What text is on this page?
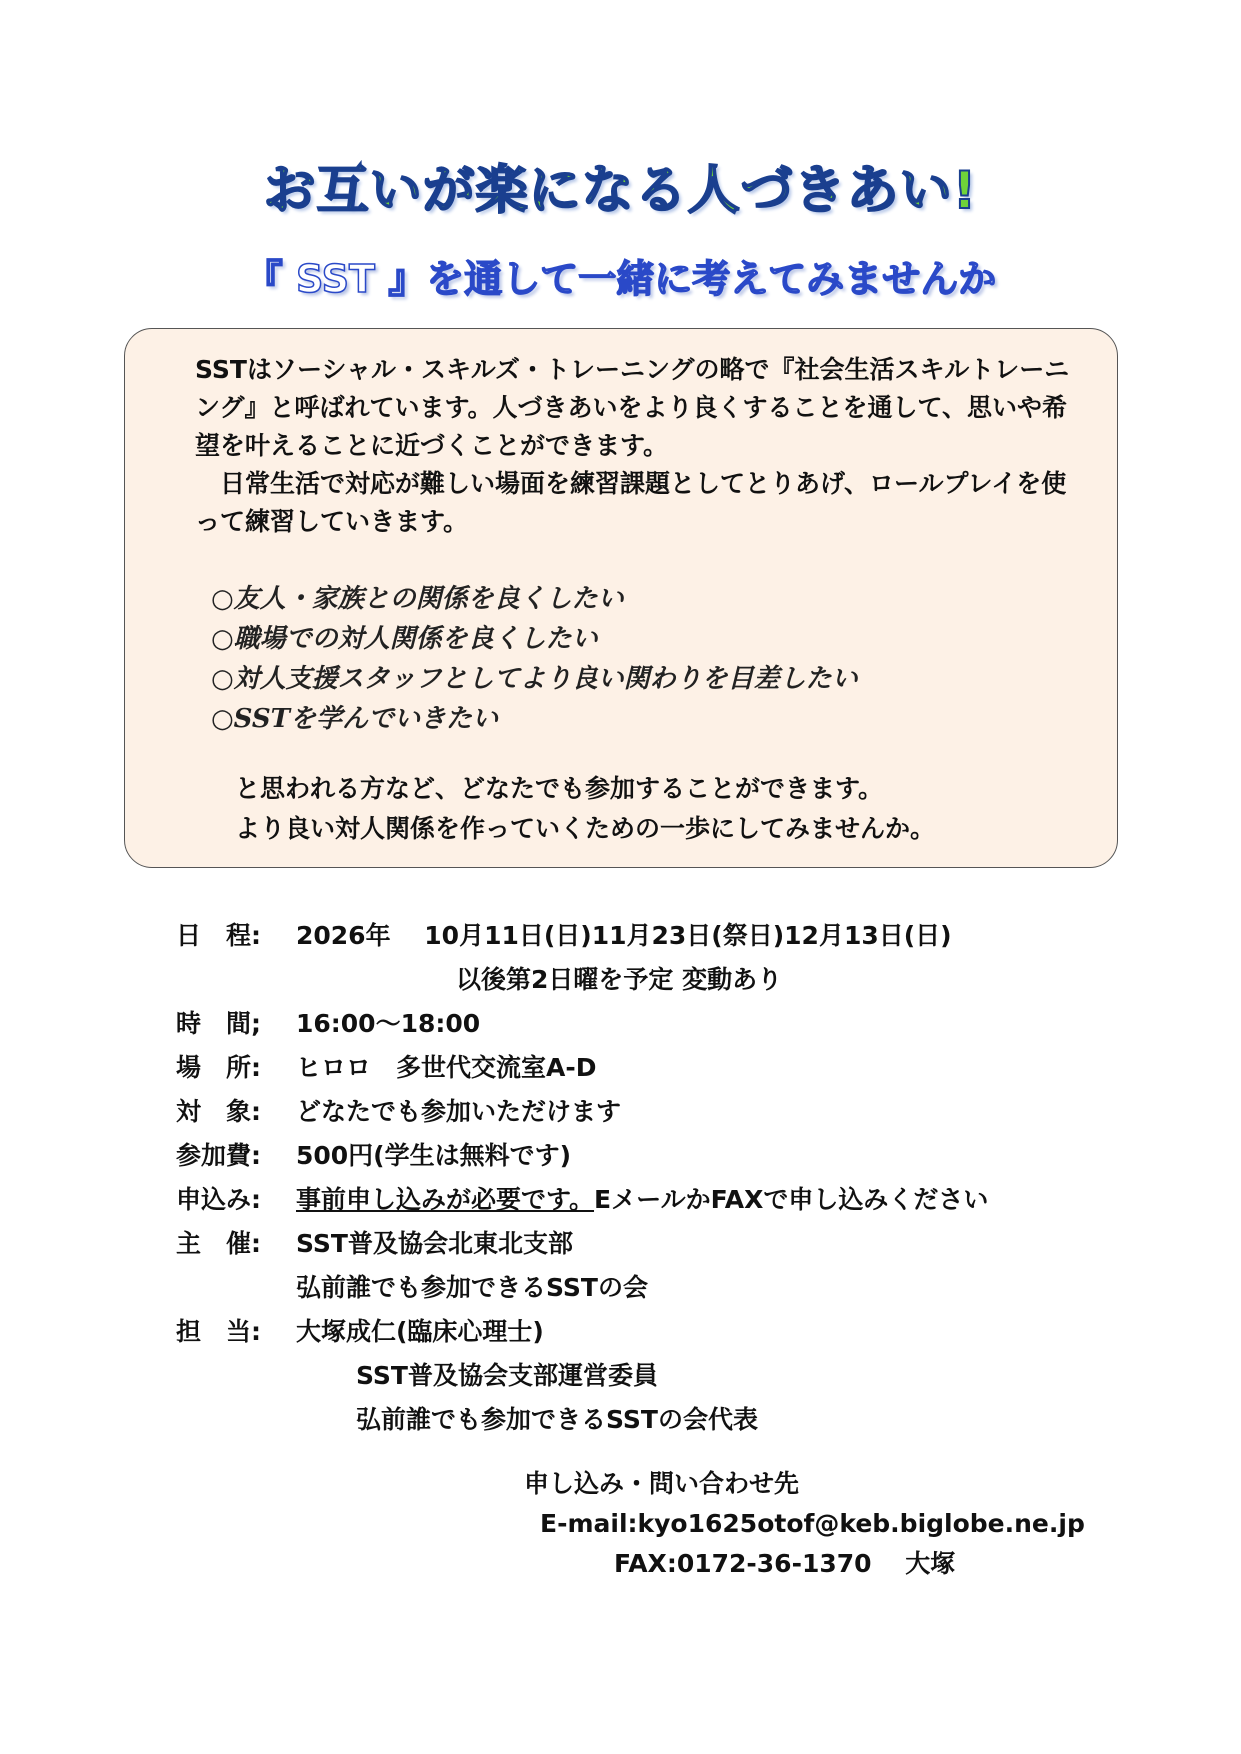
お互いが楽になる人づきあい!
『 SST 』を通して一緒に考えてみませんか
SSTはソーシャル・スキルズ・トレーニングの略で『社会生活スキルトレーニング』と呼ばれています。人づきあいをより良くすることを通して、思いや希望を叶えることに近づくことができます。
　日常生活で対応が難しい場面を練習課題としてとりあげ、ロールプレイを使って練習していきます。
○友人・家族との関係を良くしたい
○職場での対人関係を良くしたい
○対人支援スタッフとしてより良い関わりを目差したい
○SSTを学んでいきたい
と思われる方など、どなたでも参加することができます。
より良い対人関係を作っていくための一歩にしてみませんか。
日　程:	2026年　 10月11日(日)11月23日(祭日)12月13日(日)
以後第2日曜を予定 変動あり
時　間;	16:00～18:00
場　所:	ヒロロ　多世代交流室A-D
対　象:	どなたでも参加いただけます
参加費:	500円(学生は無料です)
申込み:	事前申し込みが必要です。EメールかFAXで申し込みください
主　催:	SST普及協会北東北支部
弘前誰でも参加できるSSTの会
担　当:	大塚成仁(臨床心理士)
SST普及協会支部運営委員
弘前誰でも参加できるSSTの会代表
申し込み・問い合わせ先
E-mail:kyo1625otof@keb.biglobe.ne.jp
FAX:0172-36-1370　 大塚
